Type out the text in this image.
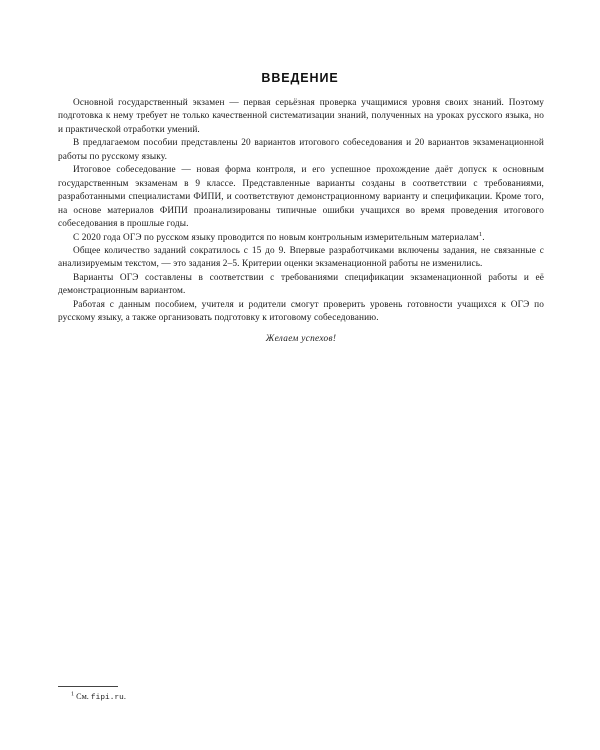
ВВЕДЕНИЕ

Основной государственный экзамен — первая серьёзная проверка учащимися уровня своих знаний. Поэтому подготовка к нему требует не только качественной систематизации знаний, полученных на уроках русского языка, но и практической отработки умений.

В предлагаемом пособии представлены 20 вариантов итогового собеседования и 20 вариантов экзаменационной работы по русскому языку.

Итоговое собеседование — новая форма контроля, и его успешное прохождение даёт допуск к основным государственным экзаменам в 9 классе. Представленные варианты созданы в соответствии с требованиями, разработанными специалистами ФИПИ, и соответствуют демонстрационному варианту и спецификации. Кроме того, на основе материалов ФИПИ проанализированы типичные ошибки учащихся во время проведения итогового собеседования в прошлые годы.

С 2020 года ОГЭ по русском языку проводится по новым контрольным измерительным материалам$^1$.

Общее количество заданий сократилось с 15 до 9. Впервые разработчиками включены задания, не связанные с анализируемым текстом, — это задания 2–5. Критерии оценки экзаменационной работы не изменились.

Варианты ОГЭ составлены в соответствии с требованиями спецификации экзаменационной работы и её демонстрационным вариантом.

Работая с данным пособием, учителя и родители смогут проверить уровень готовности учащихся к ОГЭ по русскому языку, а также организовать подготовку к итоговому собеседованию.

Желаем успехов!

$^1$ См. fipi.ru.
